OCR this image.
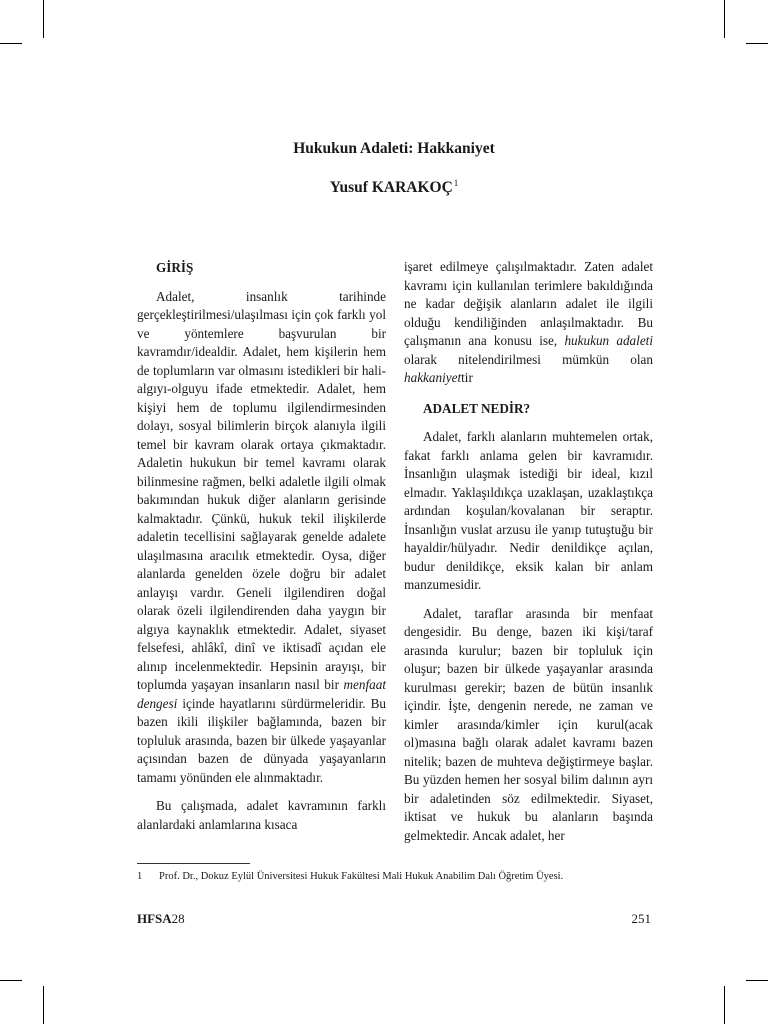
Hukukun Adaleti: Hakkaniyet
Yusuf KARAKOÇ$^1$
GİRİŞ

Adalet, insanlık tarihinde gerçekleştirilmesi/ulaşılması için çok farklı yol ve yöntemlere başvurulan bir kavramdır/idealdir. Adalet, hem kişilerin hem de toplumların var olmasını istedikleri bir hali-algıyı-olguyu ifade etmektedir. Adalet, hem kişiyi hem de toplumu ilgilendirmesinden dolayı, sosyal bilimlerin birçok alanıyla ilgili temel bir kavram olarak ortaya çıkmaktadır. Adaletin hukukun bir temel kavramı olarak bilinmesine rağmen, belki adaletle ilgili olmak bakımından hukuk diğer alanların gerisinde kalmaktadır. Çünkü, hukuk tekil ilişkilerde adaletin tecellisini sağlayarak genelde adalete ulaşılmasına aracılık etmektedir. Oysa, diğer alanlarda genelden özele doğru bir adalet anlayışı vardır. Geneli ilgilendiren doğal olarak özeli ilgilendirenden daha yaygın bir algıya kaynaklık etmektedir. Adalet, siyaset felsefesi, ahlâkî, dinî ve iktisadî açıdan ele alınıp incelenmektedir. Hepsinin arayışı, bir toplumda yaşayan insanların nasıl bir menfaat dengesi içinde hayatlarını sürdürmeleridir. Bu bazen ikili ilişkiler bağlamında, bazen bir topluluk arasında, bazen bir ülkede yaşayanlar açısından bazen de dünyada yaşayanların tamamı yönünden ele alınmaktadır.

Bu çalışmada, adalet kavramının farklı alanlardaki anlamlarına kısaca

işaret edilmeye çalışılmaktadır. Zaten adalet kavramı için kullanılan terimlere bakıldığında ne kadar değişik alanların adalet ile ilgili olduğu kendiliğinden anlaşılmaktadır. Bu çalışmanın ana konusu ise, hukukun adaleti olarak nitelendirilmesi mümkün olan hakkaniyettir

ADALET NEDİR?

Adalet, farklı alanların muhtemelen ortak, fakat farklı anlama gelen bir kavramıdır. İnsanlığın ulaşmak istediği bir ideal, kızıl elmadır. Yaklaşıldıkça uzaklaşan, uzaklaştıkça ardından koşulan/kovalanan bir seraptır. İnsanlığın vuslat arzusu ile yanıp tutuştuğu bir hayaldir/hülyadır. Nedir denildikçe açılan, budur denildikçe, eksik kalan bir anlam manzumesidir.

Adalet, taraflar arasında bir menfaat dengesidir. Bu denge, bazen iki kişi/taraf arasında kurulur; bazen bir topluluk için oluşur; bazen bir ülkede yaşayanlar arasında kurulması gerekir; bazen de bütün insanlık içindir. İşte, dengenin nerede, ne zaman ve kimler arasında/kimler için kurul(acak ol)masına bağlı olarak adalet kavramı bazen nitelik; bazen de muhteva değiştirmeye başlar. Bu yüzden hemen her sosyal bilim dalının ayrı bir adaletinden söz edilmektedir. Siyaset, iktisat ve hukuk bu alanların başında gelmektedir. Ancak adalet, her

1 Prof. Dr., Dokuz Eylül Üniversitesi Hukuk Fakültesi Mali Hukuk Anabilim Dalı Öğretim Üyesi.
HFSA28	251
